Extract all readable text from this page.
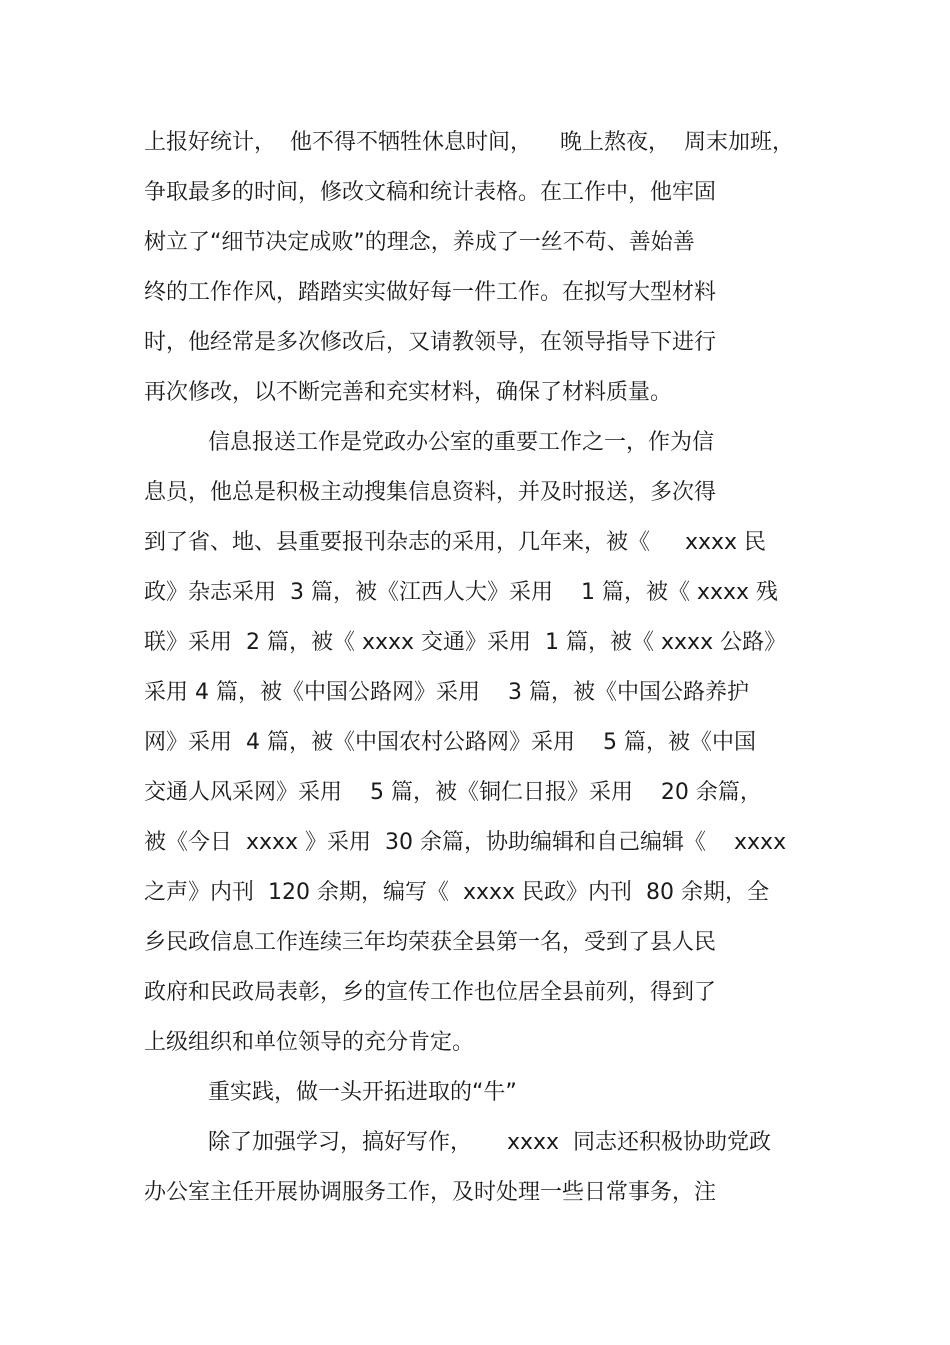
上报好统计，  他不得不牺牲休息时间，    晚上熬夜，  周末加班，

争取最多的时间，修改文稿和统计表格。在工作中，他牢固

树立了“细节决定成败”的理念，养成了一丝不苟、善始善

终的工作作风，踏踏实实做好每一件工作。在拟写大型材料

时，他经常是多次修改后，又请教领导，在领导指导下进行

再次修改，以不断完善和充实材料，确保了材料质量。

信息报送工作是党政办公室的重要工作之一，作为信

息员，他总是积极主动搜集信息资料，并及时报送，多次得

到了省、地、县重要报刊杂志的采用，几年来，被《     xxxx 民

政》杂志采用  3 篇，被《江西人大》采用    1 篇，被《 xxxx 残

联》采用  2 篇，被《 xxxx 交通》采用  1 篇，被《 xxxx 公路》

采用 4 篇，被《中国公路网》采用    3 篇，被《中国公路养护

网》采用  4 篇，被《中国农村公路网》采用    5 篇，被《中国

交通人风采网》采用    5 篇，被《铜仁日报》采用    20 余篇，

被《今日  xxxx 》采用  30 余篇，协助编辑和自己编辑《    xxxx

之声》内刊  120 余期，编写《  xxxx 民政》内刊  80 余期，全

乡民政信息工作连续三年均荣获全县第一名，受到了县人民

政府和民政局表彰，乡的宣传工作也位居全县前列，得到了

上级组织和单位领导的充分肯定。

重实践，做一头开拓进取的“牛”

除了加强学习，搞好写作，     xxxx  同志还积极协助党政

办公室主任开展协调服务工作，及时处理一些日常事务，注
